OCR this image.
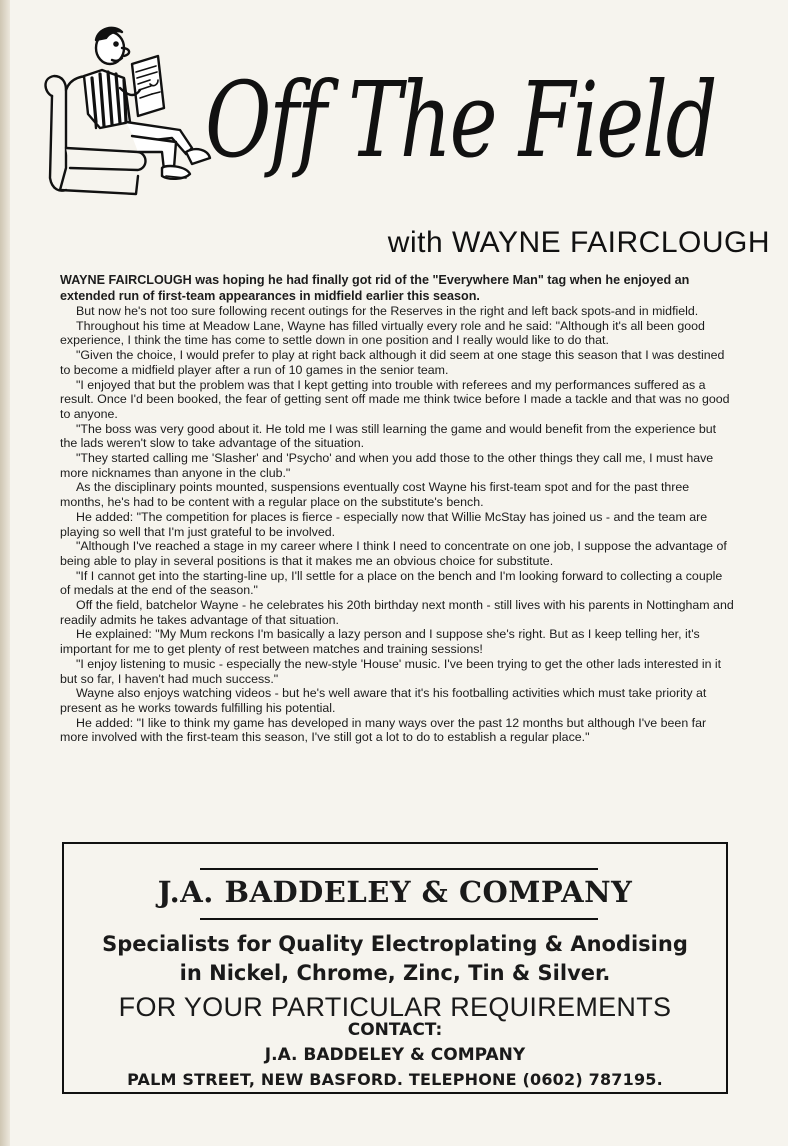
Off The Field
with WAYNE FAIRCLOUGH

WAYNE FAIRCLOUGH was hoping he had finally got rid of the "Everywhere Man" tag when he enjoyed an extended run of first-team appearances in midfield earlier this season.

But now he's not too sure following recent outings for the Reserves in the right and left back spots-and in midfield.

Throughout his time at Meadow Lane, Wayne has filled virtually every role and he said: "Although it's all been good experience, I think the time has come to settle down in one position and I really would like to do that.

"Given the choice, I would prefer to play at right back although it did seem at one stage this season that I was destined to become a midfield player after a run of 10 games in the senior team.

"I enjoyed that but the problem was that I kept getting into trouble with referees and my performances suffered as a result. Once I'd been booked, the fear of getting sent off made me think twice before I made a tackle and that was no good to anyone.

"The boss was very good about it. He told me I was still learning the game and would benefit from the experience but the lads weren't slow to take advantage of the situation.

"They started calling me 'Slasher' and 'Psycho' and when you add those to the other things they call me, I must have more nicknames than anyone in the club."

As the disciplinary points mounted, suspensions eventually cost Wayne his first-team spot and for the past three months, he's had to be content with a regular place on the substitute's bench.

He added: "The competition for places is fierce - especially now that Willie McStay has joined us - and the team are playing so well that I'm just grateful to be involved.

"Although I've reached a stage in my career where I think I need to concentrate on one job, I suppose the advantage of being able to play in several positions is that it makes me an obvious choice for substitute.

"If I cannot get into the starting-line up, I'll settle for a place on the bench and I'm looking forward to collecting a couple of medals at the end of the season."

Off the field, batchelor Wayne - he celebrates his 20th birthday next month - still lives with his parents in Nottingham and readily admits he takes advantage of that situation.

He explained: "My Mum reckons I'm basically a lazy person and I suppose she's right. But as I keep telling her, it's important for me to get plenty of rest between matches and training sessions!

"I enjoy listening to music - especially the new-style 'House' music. I've been trying to get the other lads interested in it but so far, I haven't had much success."

Wayne also enjoys watching videos - but he's well aware that it's his footballing activities which must take priority at present as he works towards fulfilling his potential.

He added: "I like to think my game has developed in many ways over the past 12 months but although I've been far more involved with the first-team this season, I've still got a lot to do to establish a regular place."

J.A. BADDELEY & COMPANY
Specialists for Quality Electroplating & Anodising
in Nickel, Chrome, Zinc, Tin & Silver.
FOR YOUR PARTICULAR REQUIREMENTS
CONTACT:
J.A. BADDELEY & COMPANY
PALM STREET, NEW BASFORD. TELEPHONE (0602) 787195.
